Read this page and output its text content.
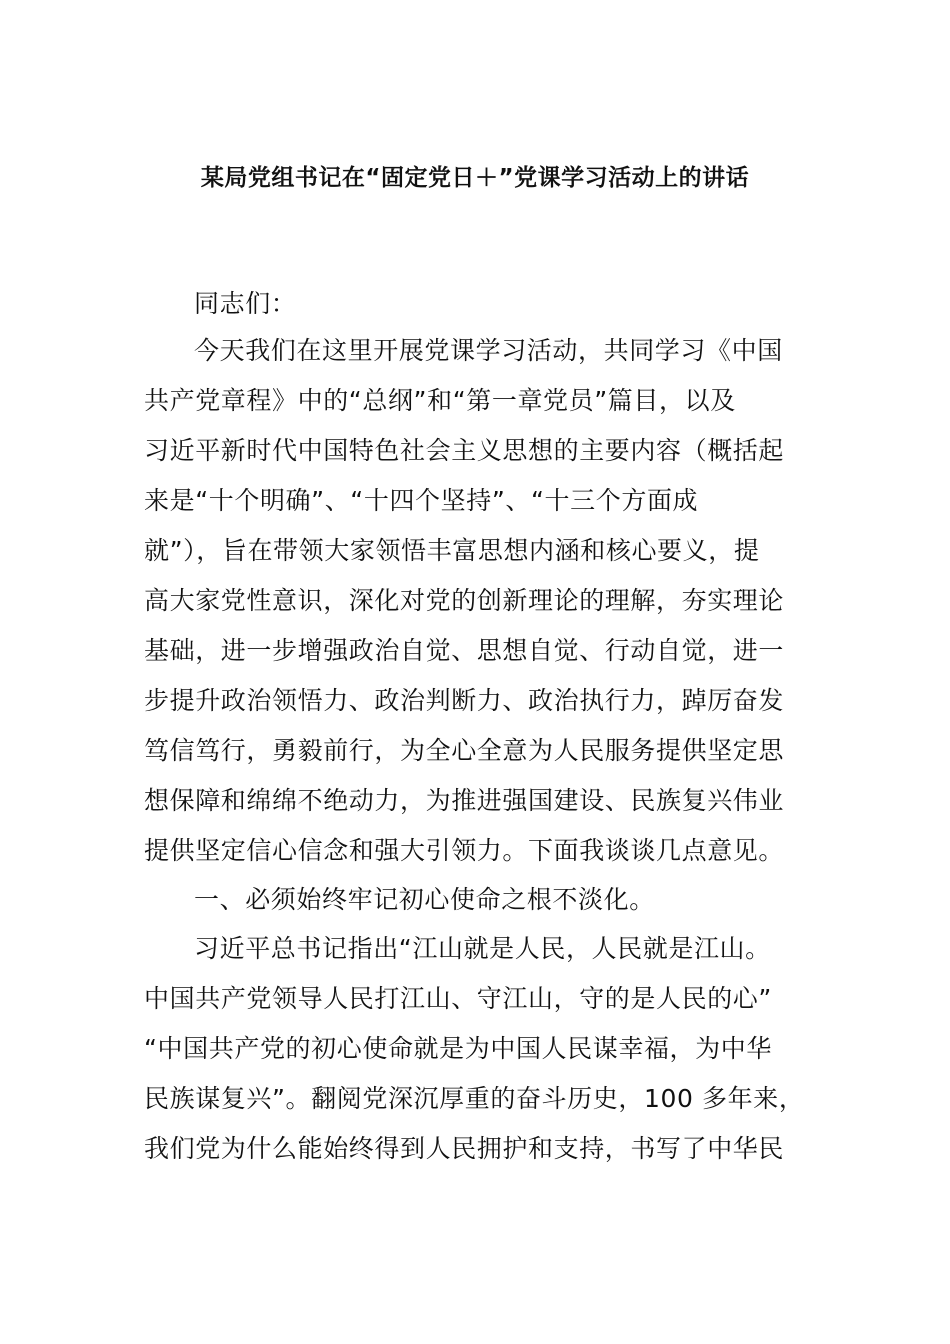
某局党组书记在“固定党日＋”党课学习活动上的讲话
同志们：
今天我们在这里开展党课学习活动，共同学习《中国
共产党章程》中的“总纲”和“第一章党员”篇目，以及
习近平新时代中国特色社会主义思想的主要内容（概括起
来是“十个明确”、“十四个坚持”、“十三个方面成
就”），旨在带领大家领悟丰富思想内涵和核心要义，提
高大家党性意识，深化对党的创新理论的理解，夯实理论
基础，进一步增强政治自觉、思想自觉、行动自觉，进一
步提升政治领悟力、政治判断力、政治执行力，踔厉奋发
笃信笃行，勇毅前行，为全心全意为人民服务提供坚定思
想保障和绵绵不绝动力，为推进强国建设、民族复兴伟业
提供坚定信心信念和强大引领力。下面我谈谈几点意见。
一、必须始终牢记初心使命之根不淡化。
习近平总书记指出“江山就是人民，人民就是江山。
中国共产党领导人民打江山、守江山，守的是人民的心”
“中国共产党的初心使命就是为中国人民谋幸福，为中华
民族谋复兴”。翻阅党深沉厚重的奋斗历史，100 多年来，
我们党为什么能始终得到人民拥护和支持，书写了中华民
